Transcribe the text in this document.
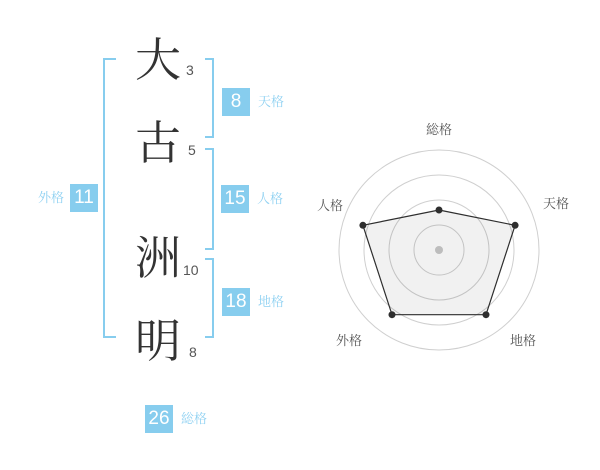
大
古
洲
明
3
5
10
8
8	天格
15 人格
18 地格
11
外格
26 総格
総格
天格
地格
外格
人格
